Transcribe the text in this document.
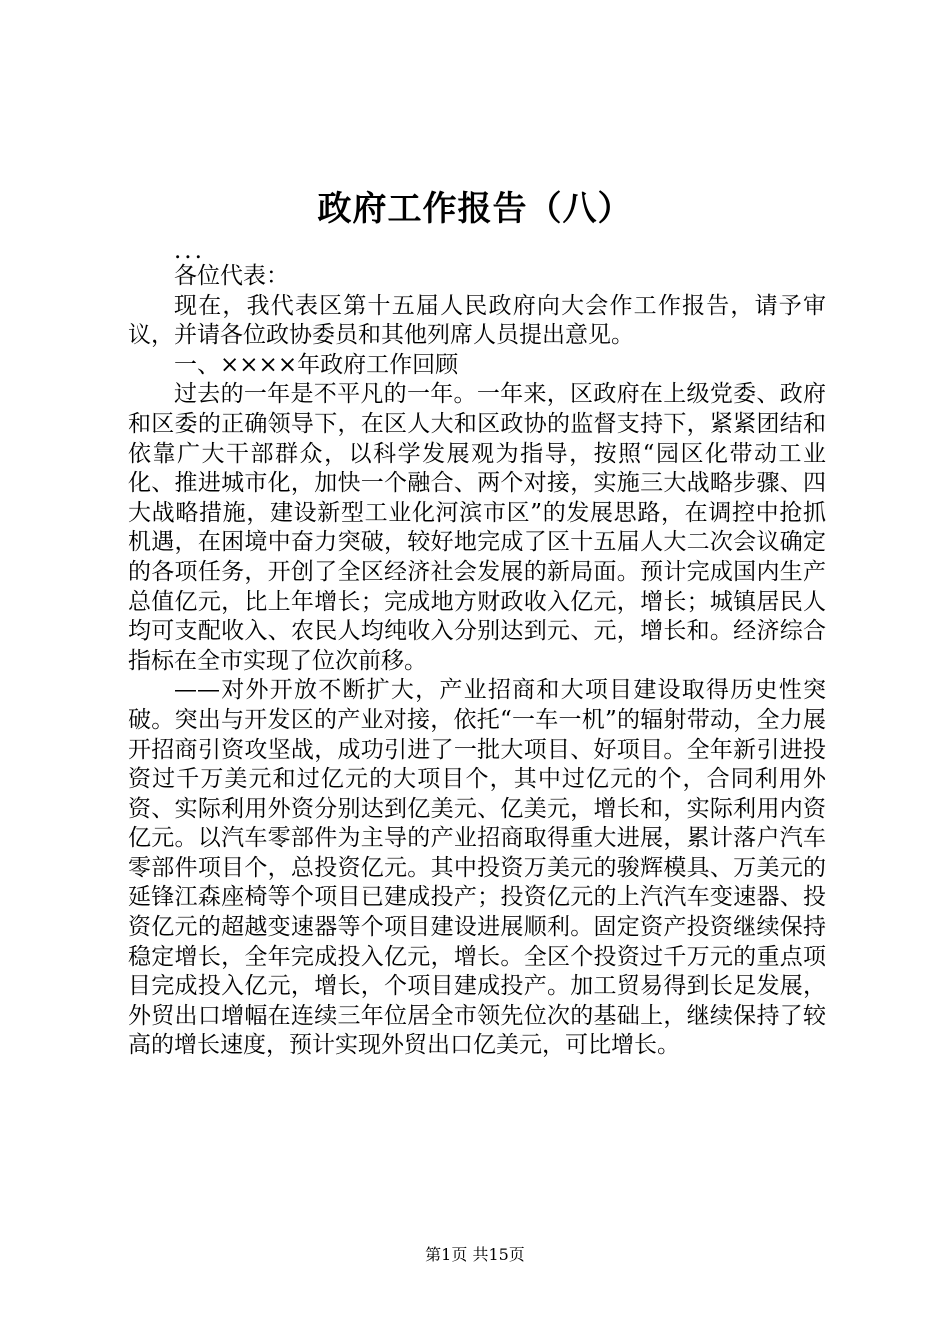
政府工作报告（八）

...

各位代表：

现在，我代表区第十五届人民政府向大会作工作报告，请予审议，并请各位政协委员和其他列席人员提出意见。

一、××××年政府工作回顾

过去的一年是不平凡的一年。一年来，区政府在上级党委、政府和区委的正确领导下，在区人大和区政协的监督支持下，紧紧团结和依靠广大干部群众，以科学发展观为指导，按照“园区化带动工业化、推进城市化，加快一个融合、两个对接，实施三大战略步骤、四大战略措施，建设新型工业化河滨市区”的发展思路，在调控中抢抓机遇，在困境中奋力突破，较好地完成了区十五届人大二次会议确定的各项任务，开创了全区经济社会发展的新局面。预计完成国内生产总值亿元，比上年增长；完成地方财政收入亿元，增长；城镇居民人均可支配收入、农民人均纯收入分别达到元、元，增长和。经济综合指标在全市实现了位次前移。

——对外开放不断扩大，产业招商和大项目建设取得历史性突破。突出与开发区的产业对接，依托“一车一机”的辐射带动，全力展开招商引资攻坚战，成功引进了一批大项目、好项目。全年新引进投资过千万美元和过亿元的大项目个，其中过亿元的个，合同利用外资、实际利用外资分别达到亿美元、亿美元，增长和，实际利用内资亿元。以汽车零部件为主导的产业招商取得重大进展，累计落户汽车零部件项目个，总投资亿元。其中投资万美元的骏辉模具、万美元的延锋江森座椅等个项目已建成投产；投资亿元的上汽汽车变速器、投资亿元的超越变速器等个项目建设进展顺利。固定资产投资继续保持稳定增长，全年完成投入亿元，增长。全区个投资过千万元的重点项目完成投入亿元，增长，个项目建成投产。加工贸易得到长足发展，外贸出口增幅在连续三年位居全市领先位次的基础上，继续保持了较高的增长速度，预计实现外贸出口亿美元，可比增长。

第1页 共15页
